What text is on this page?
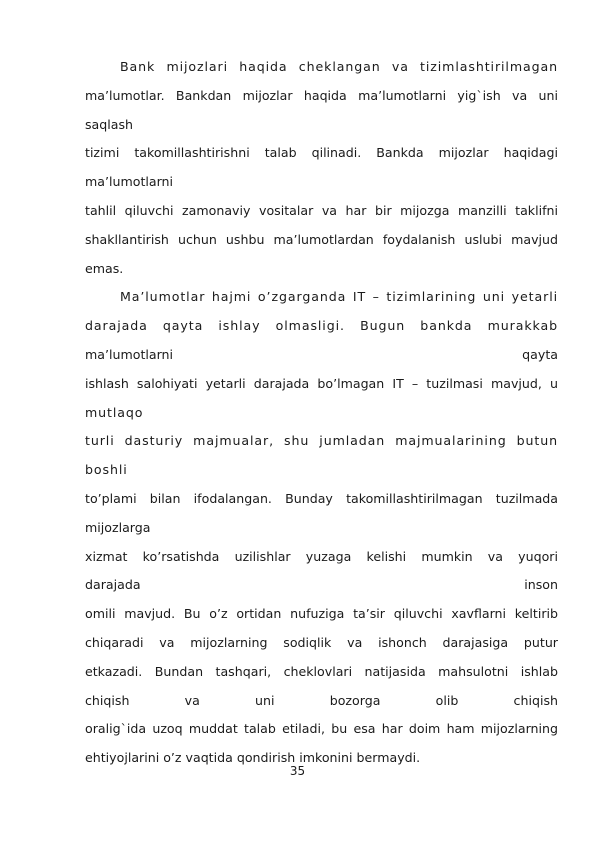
Bank mijozlari haqida cheklangan va tizimlashtirilmagan
ma’lumotlar. Bankdan mijozlar haqida ma’lumotlarni yig`ish va uni
saqlash
tizimi takomillashtirishni talab qilinadi. Bankda mijozlar haqidagi
ma’lumotlarni
tahlil qiluvchi zamonaviy vositalar va har bir mijozga manzilli taklifni
shakllantirish uchun ushbu ma’lumotlardan foydalanish uslubi mavjud
emas.
Ma’lumotlar hajmi o’zgarganda IT – tizimlarining uni yetarli
darajada qayta ishlay olmasligi. Bugun bankda murakkab
ma’lumotlarni qayta
ishlash salohiyati yetarli darajada bo’lmagan IT – tuzilmasi mavjud, u
mutlaqo
turli dasturiy majmualar, shu jumladan majmualarining butun
boshli
to’plami bilan ifodalangan. Bunday takomillashtirilmagan tuzilmada
mijozlarga
xizmat ko’rsatishda uzilishlar yuzaga kelishi mumkin va yuqori
darajada inson
omili mavjud. Bu o’z ortidan nufuziga ta’sir qiluvchi xavflarni keltirib
chiqaradi va mijozlarning sodiqlik va ishonch darajasiga putur
etkazadi. Bundan tashqari, cheklovlari natijasida mahsulotni ishlab
chiqish va uni bozorga olib chiqish
oralig`ida uzoq muddat talab etiladi, bu esa har doim ham mijozlarning
ehtiyojlarini o’z vaqtida qondirish imkonini bermaydi.
35
